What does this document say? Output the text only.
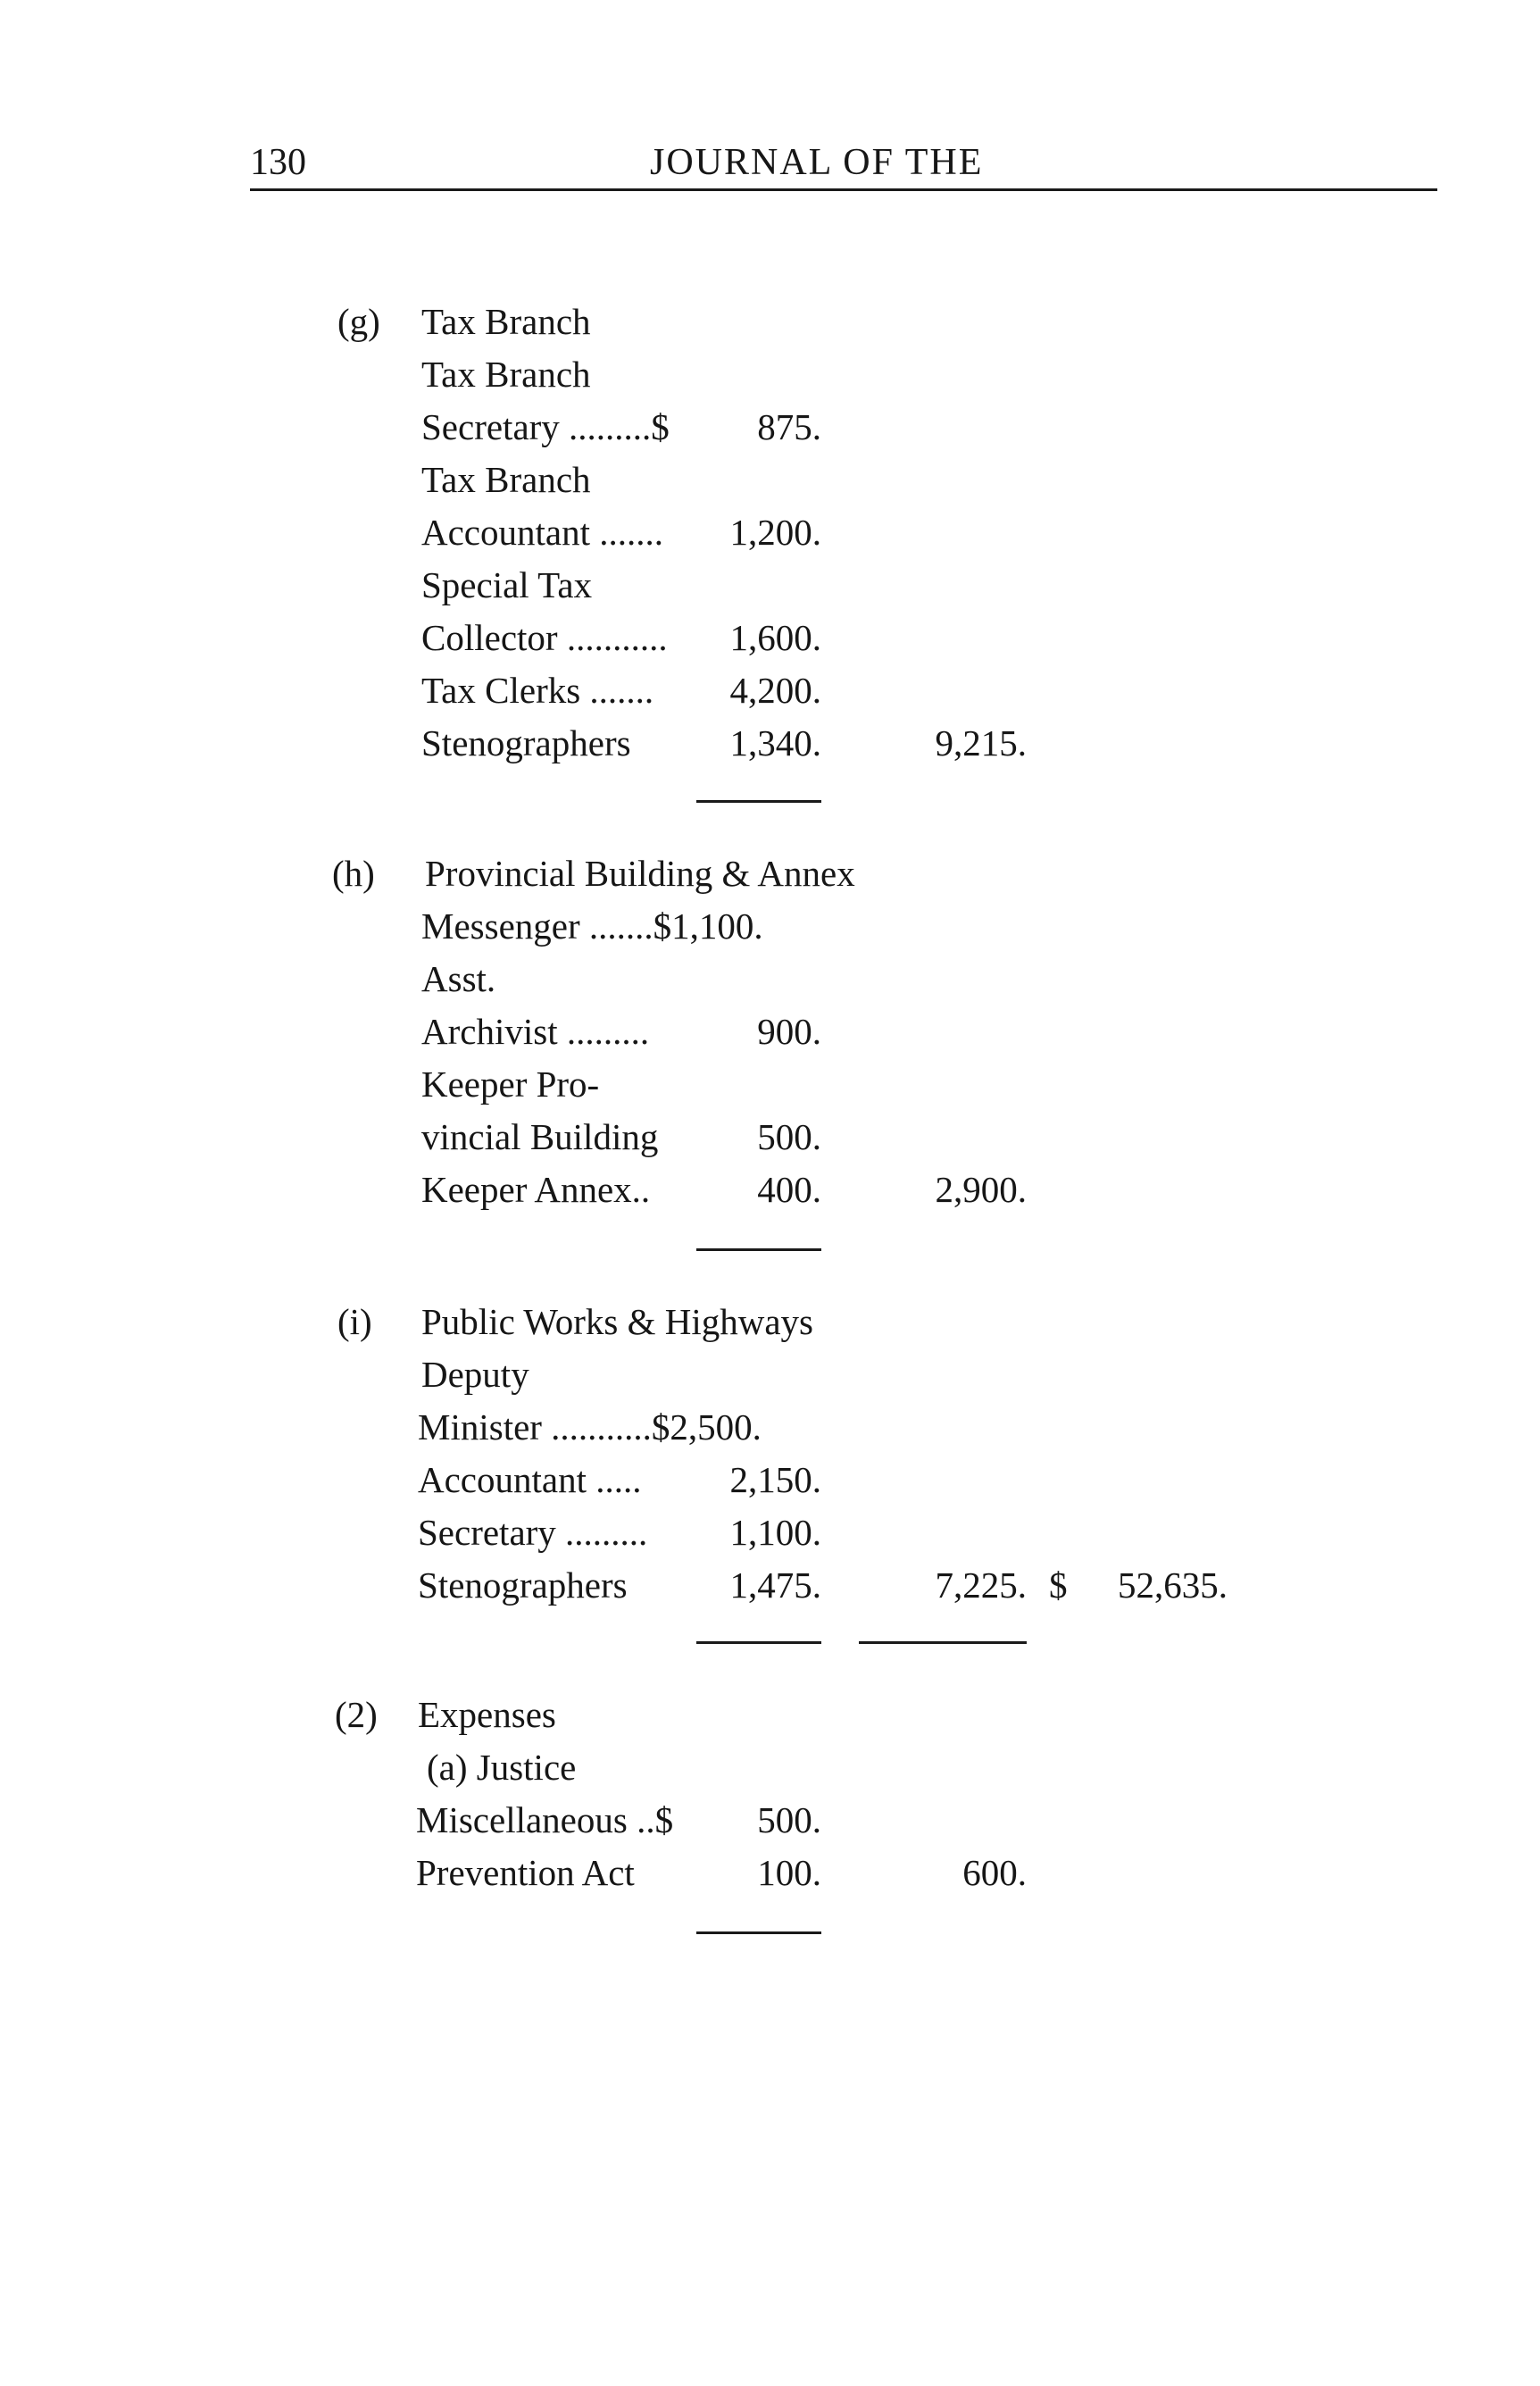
130	JOURNAL OF THE
(g) Tax Branch
Tax Branch
Secretary .........$ 875.
Tax Branch
Accountant ....... 1,200.
Special Tax
Collector ........... 1,600.
Tax Clerks ....... 4,200.
Stenographers	1,340.	9,215.
(h) Provincial Building & Annex
Messenger .......$1,100.
Asst.
Archivist .........	900.
Keeper Pro-
vincial Building	500.
Keeper Annex..	400.	2,900.
(i) Public Works & Highways
Deputy
Minister ...........$2,500.
Accountant ..... 2,150.
Secretary ......... 1,100.
Stenographers	1,475.	7,225. $ 52,635.
(2) Expenses
(a) Justice
Miscellaneous ..$ 500.
Prevention Act	100.	600.
